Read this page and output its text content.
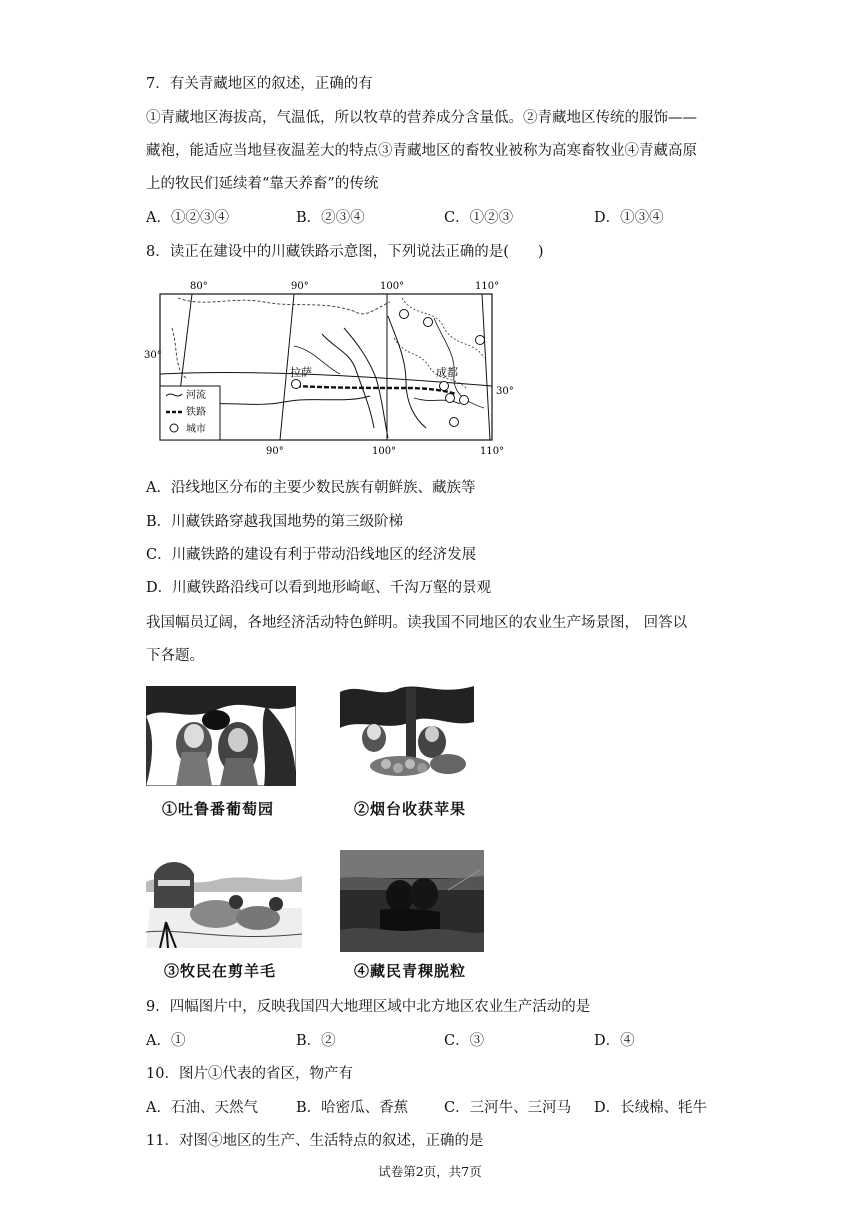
7．有关青藏地区的叙述，正确的有
①青藏地区海拔高，气温低，所以牧草的营养成分含量低。②青藏地区传统的服饰——
藏袍，能适应当地昼夜温差大的特点③青藏地区的畜牧业被称为高寒畜牧业④青藏高原
上的牧民们延续着“靠天养畜”的传统
A．①②③④	B．②③④	C．①②③	D．①③④
8．读正在建设中的川藏铁路示意图，下列说法正确的是(　　)
80°	90°	100°	110°
30°
30°
拉萨	成都
河流
铁路
城市
90°	100°	110°
A．沿线地区分布的主要少数民族有朝鲜族、藏族等
B．川藏铁路穿越我国地势的第三级阶梯
C．川藏铁路的建设有利于带动沿线地区的经济发展
D．川藏铁路沿线可以看到地形崎岖、千沟万壑的景观
我国幅员辽阔，各地经济活动特色鲜明。读我国不同地区的农业生产场景图， 回答以
下各题。
①吐鲁番葡萄园	②烟台收获苹果
③牧民在剪羊毛	④藏民青稞脱粒
9．四幅图片中，反映我国四大地理区域中北方地区农业生产活动的是
A．①	B．②	C．③	D．④
10．图片①代表的省区，物产有
A．石油、天然气	B．哈密瓜、香蕉 C．三河牛、三河马 D．长绒棉、牦牛
11．对图④地区的生产、生活特点的叙述，正确的是
试卷第2页，共7页
